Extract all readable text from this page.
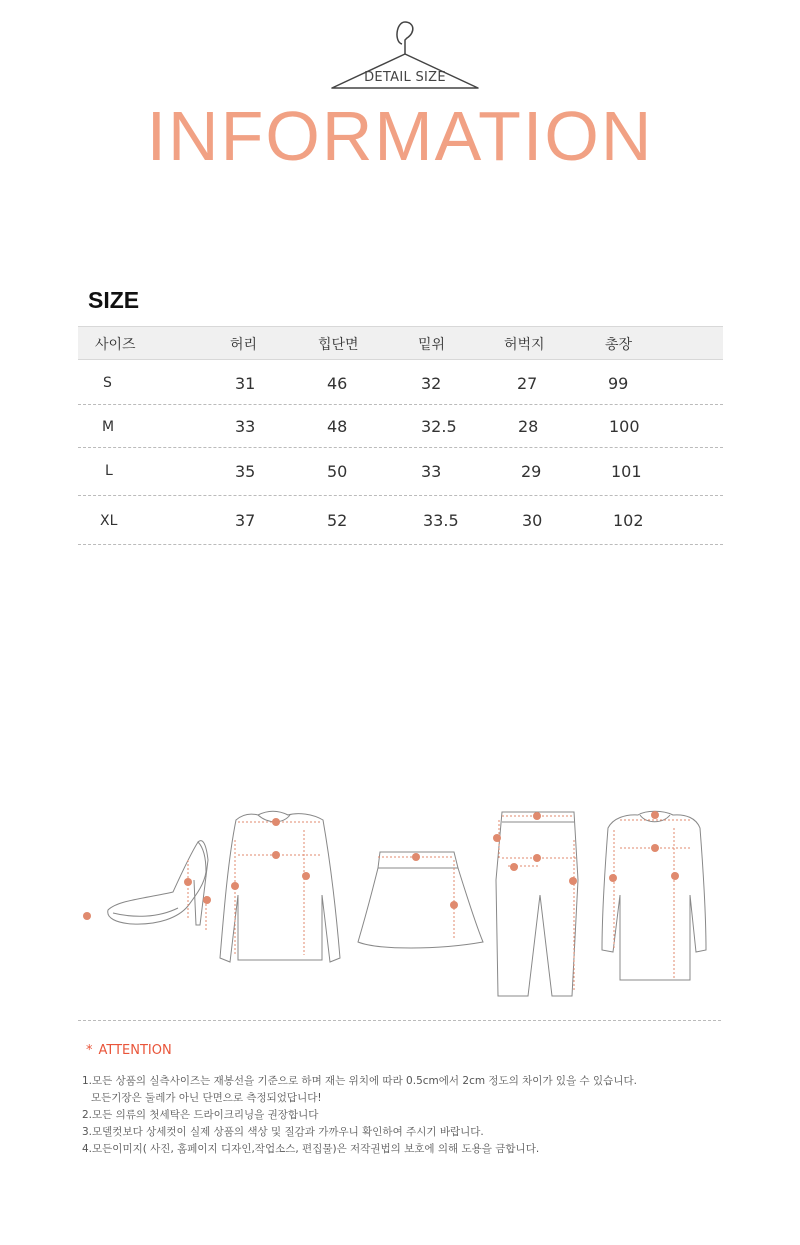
DETAIL SIZE
INFORMATION
SIZE
사이즈	허리	힙단면	밑위	허벅지	총장
S	31	46	32	27	99
M	33	48	32.5	28	100
L	35	50	33	29	101
XL	37	52	33.5	30	102
* ATTENTION
1.모든 상품의 실측사이즈는 재봉선을 기준으로 하며 재는 위치에 따라 0.5cm에서 2cm 정도의 차이가 있을 수 있습니다.
모든기장은 둘레가 아닌 단면으로 측정되었답니다!
2.모든 의류의 첫세탁은 드라이크리닝을 권장합니다
3.모델컷보다 상세컷이 실제 상품의 색상 및 질감과 가까우니 확인하여 주시기 바랍니다.
4.모든이미지( 사진, 홈페이지 디자인,작업소스, 편집물)은 저작권법의 보호에 의해 도용을 금합니다.
